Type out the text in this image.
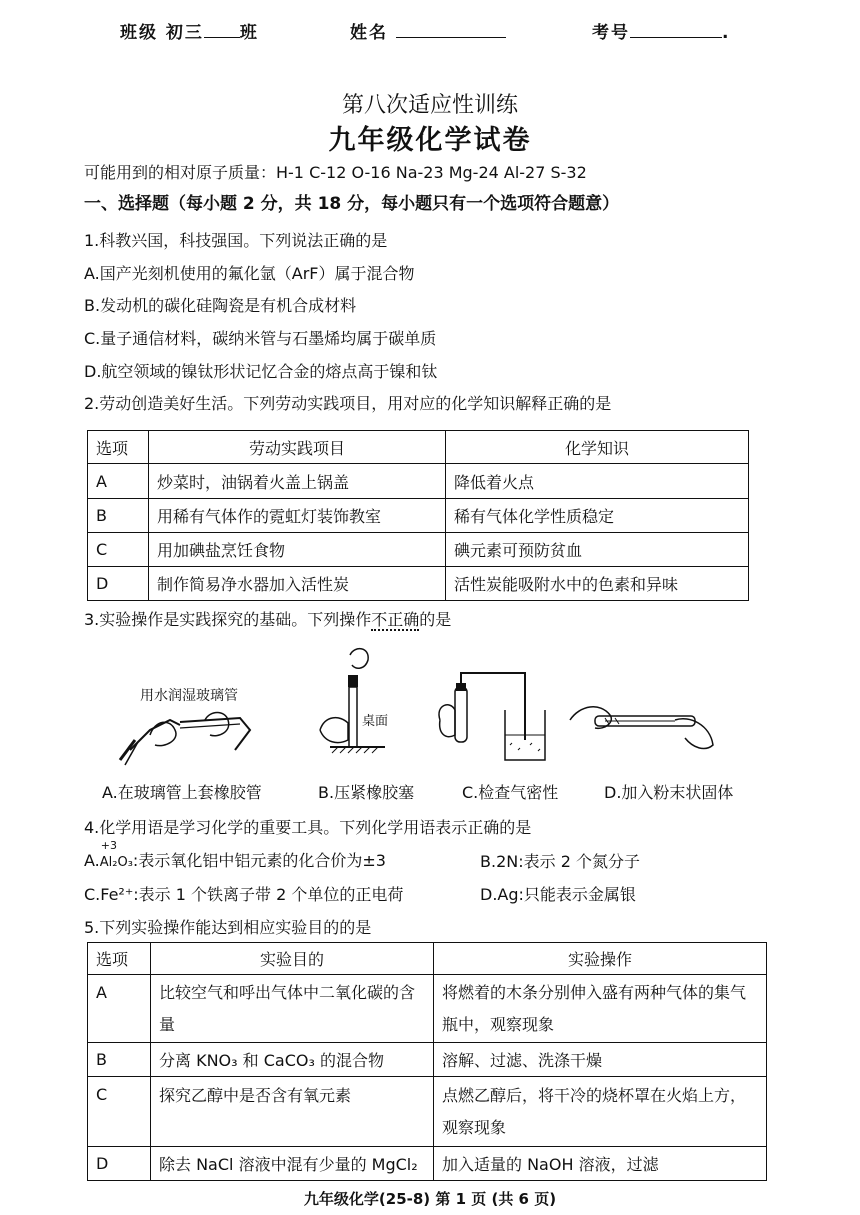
班级 初三 班	姓名	考号	.
第八次适应性训练
九年级化学试卷
可能用到的相对原子质量：H-1 C-12 O-16 Na-23 Mg-24 Al-27 S-32
一、选择题（每小题 2 分，共 18 分，每小题只有一个选项符合题意）
1.科教兴国，科技强国。下列说法正确的是
A.国产光刻机使用的氟化氩（ArF）属于混合物
B.发动机的碳化硅陶瓷是有机合成材料
C.量子通信材料，碳纳米管与石墨烯均属于碳单质
D.航空领域的镍钛形状记忆合金的熔点高于镍和钛
2.劳动创造美好生活。下列劳动实践项目，用对应的化学知识解释正确的是
选项	劳动实践项目	化学知识
A	炒菜时，油锅着火盖上锅盖	降低着火点
B	用稀有气体作的霓虹灯装饰教室	稀有气体化学性质稳定
C	用加碘盐烹饪食物	碘元素可预防贫血
D	制作简易净水器加入活性炭	活性炭能吸附水中的色素和异味
3.实验操作是实践探究的基础。下列操作不正确的是
用水润湿玻璃管
桌面
A.在玻璃管上套橡胶管	B.压紧橡胶塞	C.检查气密性	D.加入粉末状固体
4.化学用语是学习化学的重要工具。下列化学用语表示正确的是
A.
+3
Al₂O₃:表示氧化铝中铝元素的化合价为±3	B.2N:表示 2 个氮分子
C.Fe²⁺:表示 1 个铁离子带 2 个单位的正电荷	D.Ag:只能表示金属银
5.下列实验操作能达到相应实验目的的是
选项	实验目的	实验操作
A	比较空气和呼出气体中二氧化碳的含量	将燃着的木条分别伸入盛有两种气体的集气瓶中，观察现象
B	分离 KNO₃ 和 CaCO₃ 的混合物	溶解、过滤、洗涤干燥
C	探究乙醇中是否含有氧元素	点燃乙醇后，将干冷的烧杯罩在火焰上方，观察现象
D	除去 NaCl 溶液中混有少量的 MgCl₂	加入适量的 NaOH 溶液，过滤
九年级化学(25-8) 第 1 页 (共 6 页)
